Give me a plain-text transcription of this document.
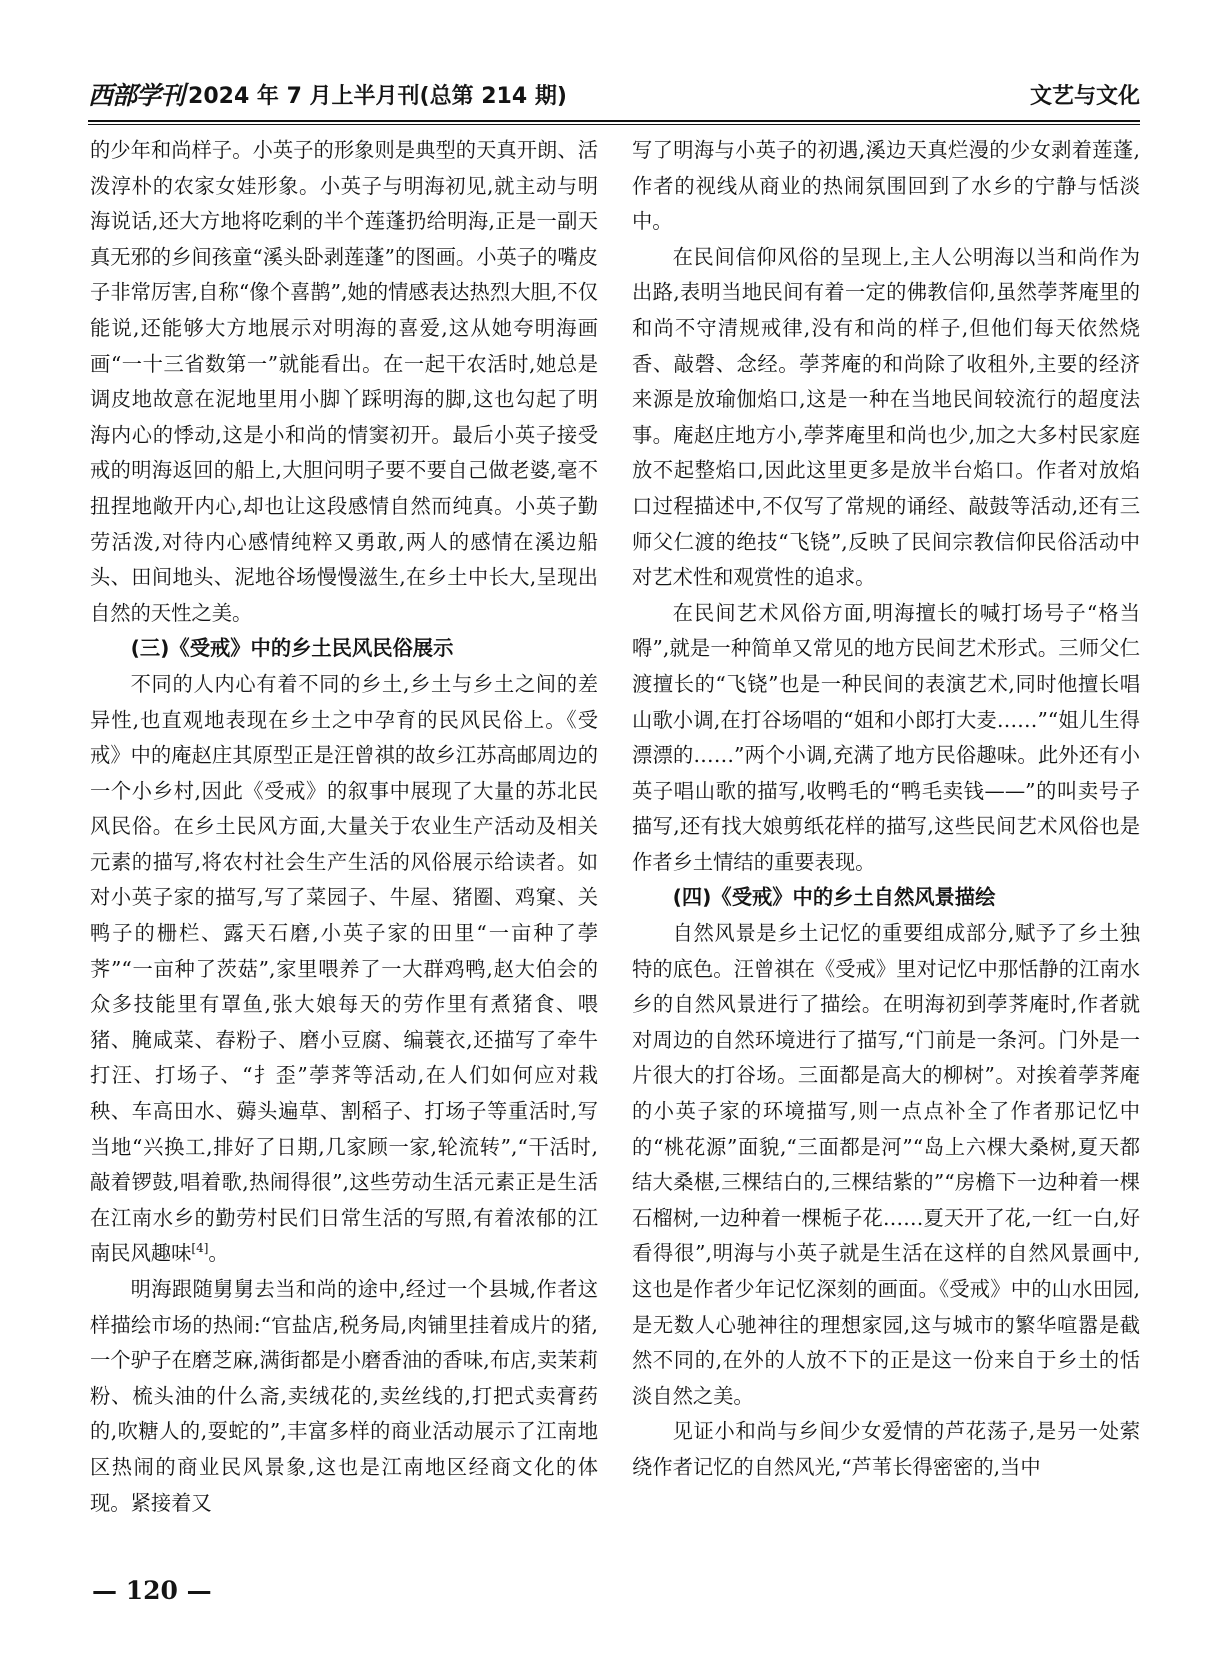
西部学刊 2024 年 7 月上半月刊(总第 214 期)	文艺与文化

的少年和尚样子。小英子的形象则是典型的天真开朗、活泼淳朴的农家女娃形象。小英子与明海初见,就主动与明海说话,还大方地将吃剩的半个莲蓬扔给明海,正是一副天真无邪的乡间孩童“溪头卧剥莲蓬”的图画。小英子的嘴皮子非常厉害,自称“像个喜鹊”,她的情感表达热烈大胆,不仅能说,还能够大方地展示对明海的喜爱,这从她夸明海画画“一十三省数第一”就能看出。在一起干农活时,她总是调皮地故意在泥地里用小脚丫踩明海的脚,这也勾起了明海内心的悸动,这是小和尚的情窦初开。最后小英子接受戒的明海返回的船上,大胆问明子要不要自己做老婆,毫不扭捏地敞开内心,却也让这段感情自然而纯真。小英子勤劳活泼,对待内心感情纯粹又勇敢,两人的感情在溪边船头、田间地头、泥地谷场慢慢滋生,在乡土中长大,呈现出自然的天性之美。

(三)《受戒》中的乡土民风民俗展示

不同的人内心有着不同的乡土,乡土与乡土之间的差异性,也直观地表现在乡土之中孕育的民风民俗上。《受戒》中的庵赵庄其原型正是汪曾祺的故乡江苏高邮周边的一个小乡村,因此《受戒》的叙事中展现了大量的苏北民风民俗。在乡土民风方面,大量关于农业生产活动及相关元素的描写,将农村社会生产生活的风俗展示给读者。如对小英子家的描写,写了菜园子、牛屋、猪圈、鸡窠、关鸭子的栅栏、露天石磨,小英子家的田里“一亩种了荸荠”“一亩种了茨菇”,家里喂养了一大群鸡鸭,赵大伯会的众多技能里有罩鱼,张大娘每天的劳作里有煮猪食、喂猪、腌咸菜、舂粉子、磨小豆腐、编蓑衣,还描写了牵牛打汪、打场子、“扌歪”荸荠等活动,在人们如何应对栽秧、车高田水、薅头遍草、割稻子、打场子等重活时,写当地“兴换工,排好了日期,几家顾一家,轮流转”,“干活时,敲着锣鼓,唱着歌,热闹得很”,这些劳动生活元素正是生活在江南水乡的勤劳村民们日常生活的写照,有着浓郁的江南民风趣味[4]。

明海跟随舅舅去当和尚的途中,经过一个县城,作者这样描绘市场的热闹:“官盐店,税务局,肉铺里挂着成片的猪,一个驴子在磨芝麻,满街都是小磨香油的香味,布店,卖茉莉粉、梳头油的什么斋,卖绒花的,卖丝线的,打把式卖膏药的,吹糖人的,耍蛇的”,丰富多样的商业活动展示了江南地区热闹的商业民风景象,这也是江南地区经商文化的体现。紧接着又

写了明海与小英子的初遇,溪边天真烂漫的少女剥着莲蓬,作者的视线从商业的热闹氛围回到了水乡的宁静与恬淡中。

在民间信仰风俗的呈现上,主人公明海以当和尚作为出路,表明当地民间有着一定的佛教信仰,虽然荸荠庵里的和尚不守清规戒律,没有和尚的样子,但他们每天依然烧香、敲磬、念经。荸荠庵的和尚除了收租外,主要的经济来源是放瑜伽焰口,这是一种在当地民间较流行的超度法事。庵赵庄地方小,荸荠庵里和尚也少,加之大多村民家庭放不起整焰口,因此这里更多是放半台焰口。作者对放焰口过程描述中,不仅写了常规的诵经、敲鼓等活动,还有三师父仁渡的绝技“飞铙”,反映了民间宗教信仰民俗活动中对艺术性和观赏性的追求。

在民间艺术风俗方面,明海擅长的喊打场号子“格当嘚”,就是一种简单又常见的地方民间艺术形式。三师父仁渡擅长的“飞铙”也是一种民间的表演艺术,同时他擅长唱山歌小调,在打谷场唱的“姐和小郎打大麦……”“姐儿生得漂漂的……”两个小调,充满了地方民俗趣味。此外还有小英子唱山歌的描写,收鸭毛的“鸭毛卖钱——”的叫卖号子描写,还有找大娘剪纸花样的描写,这些民间艺术风俗也是作者乡土情结的重要表现。

(四)《受戒》中的乡土自然风景描绘

自然风景是乡土记忆的重要组成部分,赋予了乡土独特的底色。汪曾祺在《受戒》里对记忆中那恬静的江南水乡的自然风景进行了描绘。在明海初到荸荠庵时,作者就对周边的自然环境进行了描写,“门前是一条河。门外是一片很大的打谷场。三面都是高大的柳树”。对挨着荸荠庵的小英子家的环境描写,则一点点补全了作者那记忆中的“桃花源”面貌,“三面都是河”“岛上六棵大桑树,夏天都结大桑椹,三棵结白的,三棵结紫的”“房檐下一边种着一棵石榴树,一边种着一棵栀子花……夏天开了花,一红一白,好看得很”,明海与小英子就是生活在这样的自然风景画中,这也是作者少年记忆深刻的画面。《受戒》中的山水田园,是无数人心驰神往的理想家园,这与城市的繁华喧嚣是截然不同的,在外的人放不下的正是这一份来自于乡土的恬淡自然之美。

见证小和尚与乡间少女爱情的芦花荡子,是另一处萦绕作者记忆的自然风光,“芦苇长得密密的,当中

— 120 —
